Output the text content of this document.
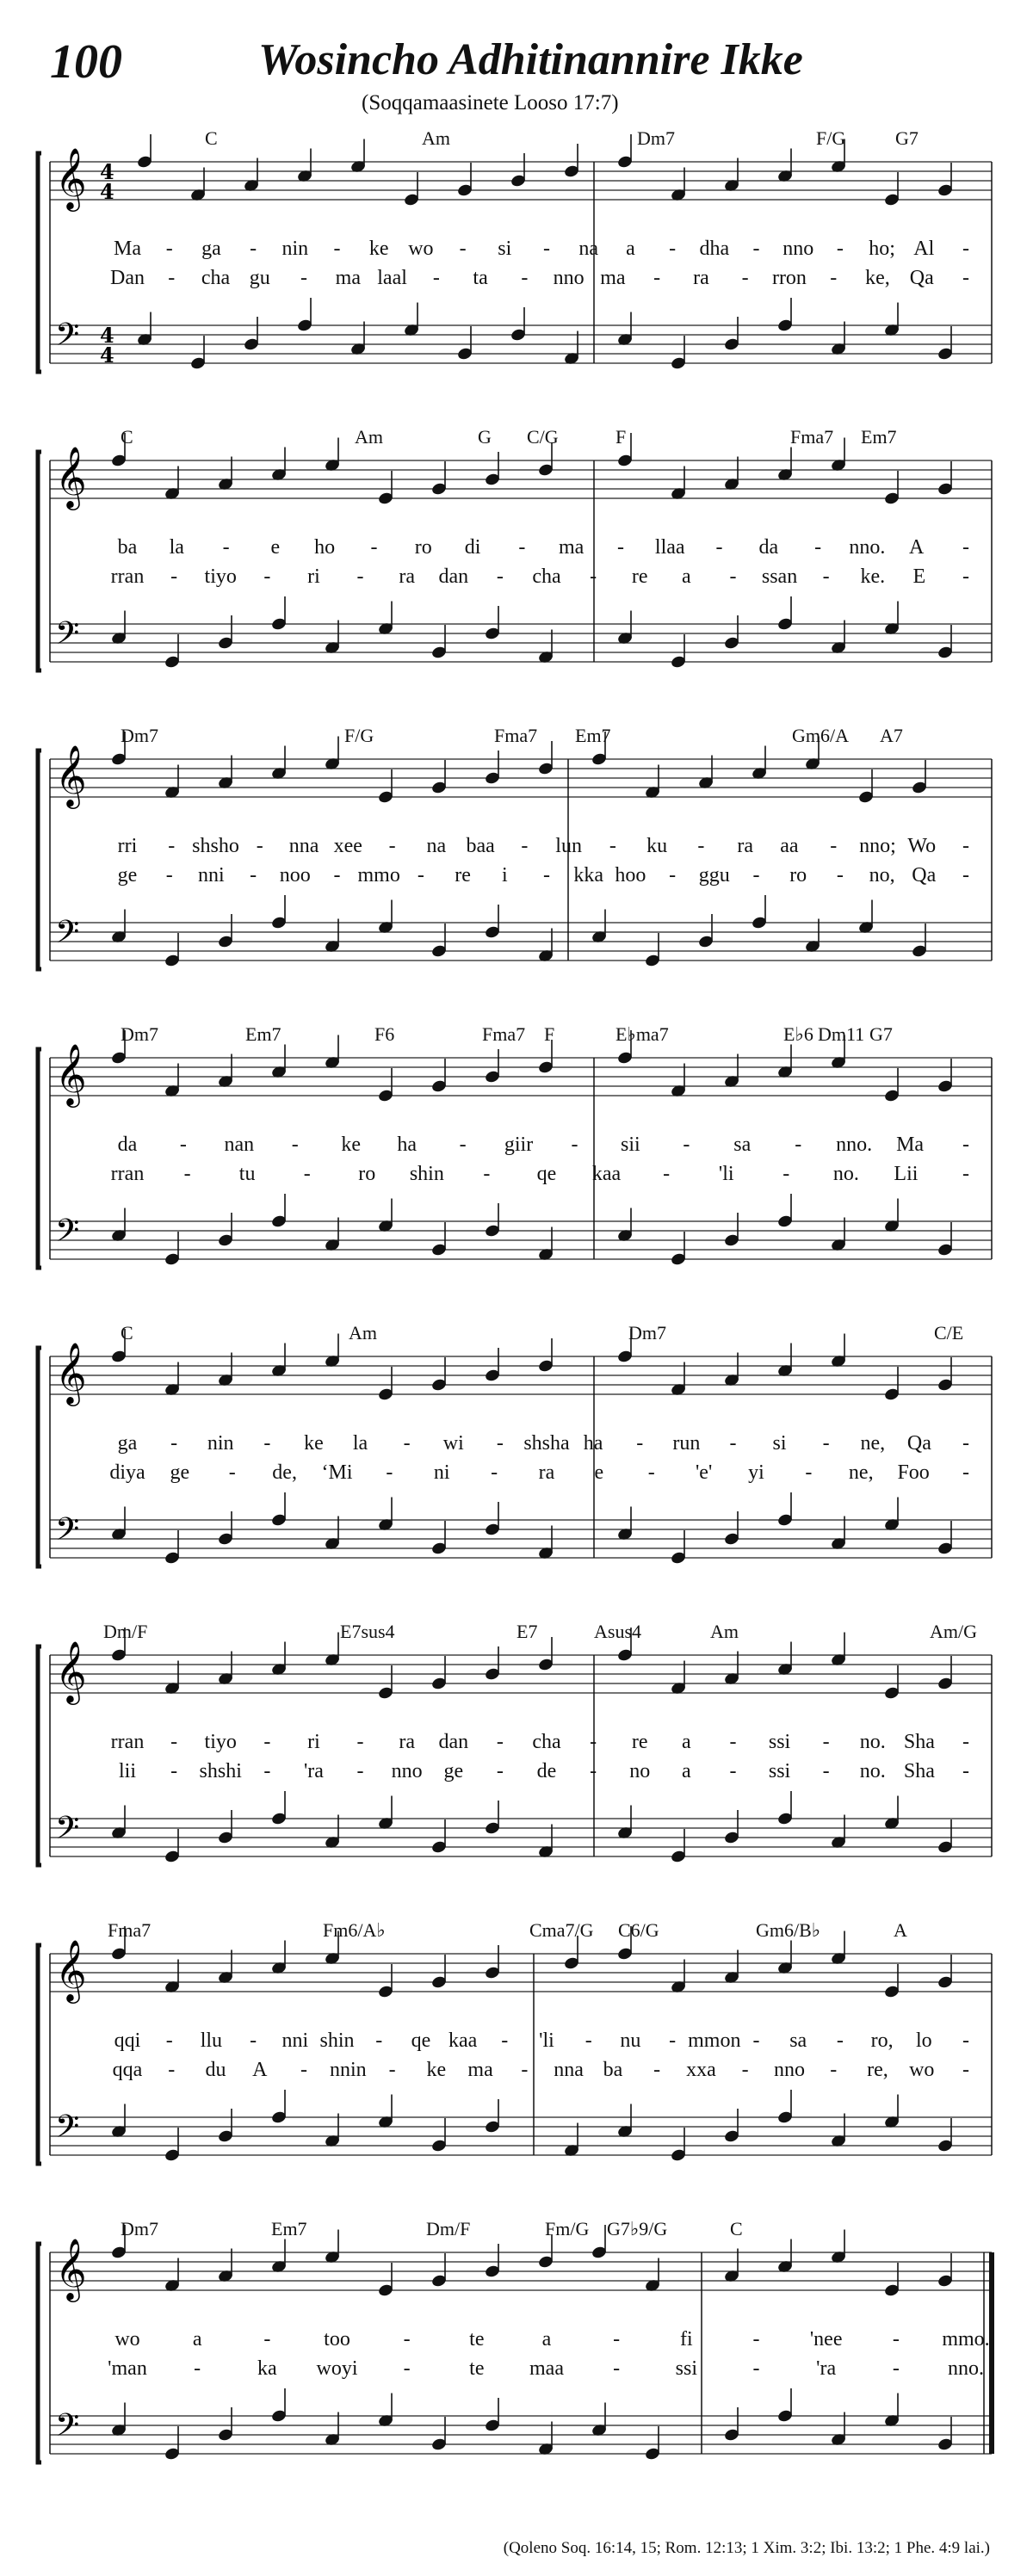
100	Wosincho Adhitinannire Ikke
(Soqqamaasinete Looso 17:7)
C	Am	Dm7	F/G	G7
𝄞
𝄢
4
4
4
4
Ma - ga - nin - ke wo - si - na a - dha - nno - ho; Al -
Dan - cha gu - ma laal - ta - nno ma - ra - rron - ke, Qa -
C	Am	G C/G	F	Fma7 Em7
𝄞
𝄢
ba la - e ho - ro di - ma - llaa - da - nno. A -
rran - tiyo - ri - ra dan - cha - re a - ssan - ke. E -
Dm7	F/G	Fma7 Em7	Gm6/A A7
𝄞
𝄢
rri - shsho - nna xee - na baa - lun - ku - ra aa - nno; Wo -
ge - nni - noo - mmo - re i - kka hoo - ggu - ro - no, Qa -
Dm7	Em7	F6	Fma7 F	E♭ma7	E♭6 Dm11 G7
𝄞
𝄢
da - nan - ke ha - giir - sii - sa - nno. Ma -
rran - tu - ro shin - qe kaa - 'li - no. Lii -
C	Am	Dm7	C/E
𝄞
𝄢
ga - nin - ke la - wi - shsha ha - run - si - ne, Qa -
diya ge - de, ‘Mi - ni - ra e - 'e' yi - ne, Foo -
Dm/F	E7sus4	E7	Asus4	Am	Am/G
𝄞
𝄢
rran - tiyo - ri - ra dan - cha - re a - ssi - no. Sha -
lii - shshi - 'ra - nno ge - de - no a - ssi - no. Sha -
Fma7	Fm6/A♭	Cma7/G C6/G	Gm6/B♭	A
𝄞
𝄢
qqi - llu - nni shin - qe kaa - 'li - nu - mmon - sa - ro, lo -
qqa - du A - nnin - ke ma - nna ba - xxa - nno - re, wo -
Dm7	Em7	Dm/F	Fm/G G7♭9/G	C
𝄞
𝄢
wo	a	-	too	-	te	a	-	fi	- 'nee - mmo.
'man -	ka woyi -	te maa -	ssi	-	'ra	- nno.
(Qoleno Soq. 16:14, 15; Rom. 12:13; 1 Xim. 3:2; Ibi. 13:2; 1 Phe. 4:9 lai.)
